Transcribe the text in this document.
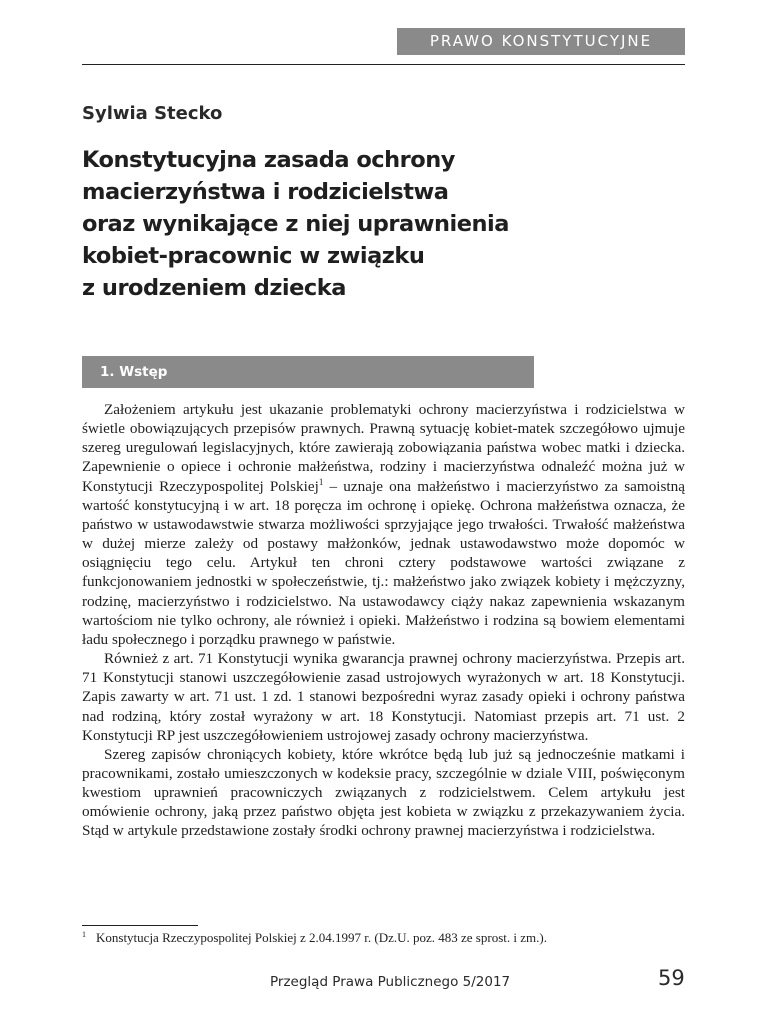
PRAWO KONSTYTUCYJNE
Sylwia Stecko
Konstytucyjna zasada ochrony
macierzyństwa i rodzicielstwa
oraz wynikające z niej uprawnienia
kobiet-pracownic w związku
z urodzeniem dziecka
1. Wstęp

Założeniem artykułu jest ukazanie problematyki ochrony macierzyństwa i rodzicielstwa w świetle obowiązujących przepisów prawnych. Prawną sytuację kobiet-matek szczegółowo ujmuje szereg uregulowań legislacyjnych, które zawierają zobowiązania państwa wobec matki i dziecka. Zapewnienie o opiece i ochronie małżeństwa, rodziny i macierzyństwa odnaleźć można już w Konstytucji Rzeczypospolitej Polskiej$^1$ – uznaje ona małżeństwo i macierzyństwo za samoistną wartość konstytucyjną i w art. 18 poręcza im ochronę i opiekę. Ochrona małżeństwa oznacza, że państwo w ustawodawstwie stwarza możliwości sprzyjające jego trwałości. Trwałość małżeństwa w dużej mierze zależy od postawy małżonków, jednak ustawodawstwo może dopomóc w osiągnięciu tego celu. Artykuł ten chroni cztery podstawowe wartości związane z funkcjonowaniem jednostki w społeczeństwie, tj.: małżeństwo jako związek kobiety i mężczyzny, rodzinę, macierzyństwo i rodzicielstwo. Na ustawodawcy ciąży nakaz zapewnienia wskazanym wartościom nie tylko ochrony, ale również i opieki. Małżeństwo i rodzina są bowiem elementami ładu społecznego i porządku prawnego w państwie.

Również z art. 71 Konstytucji wynika gwarancja prawnej ochrony macierzyństwa. Przepis art. 71 Konstytucji stanowi uszczegółowienie zasad ustrojowych wyrażonych w art. 18 Konstytucji. Zapis zawarty w art. 71 ust. 1 zd. 1 stanowi bezpośredni wyraz zasady opieki i ochrony państwa nad rodziną, który został wyrażony w art. 18 Konstytucji. Natomiast przepis art. 71 ust. 2 Konstytucji RP jest uszczegółowieniem ustrojowej zasady ochrony macierzyństwa.

Szereg zapisów chroniących kobiety, które wkrótce będą lub już są jednocześnie matkami i pracownikami, zostało umieszczonych w kodeksie pracy, szczególnie w dziale VIII, poświęconym kwestiom uprawnień pracowniczych związanych z rodzicielstwem. Celem artykułu jest omówienie ochrony, jaką przez państwo objęta jest kobieta w związku z przekazywaniem życia. Stąd w artykule przedstawione zostały środki ochrony prawnej macierzyństwa i rodzicielstwa.

$^1$ Konstytucja Rzeczypospolitej Polskiej z 2.04.1997 r. (Dz.U. poz. 483 ze sprost. i zm.).
Przegląd Prawa Publicznego 5/2017	59
